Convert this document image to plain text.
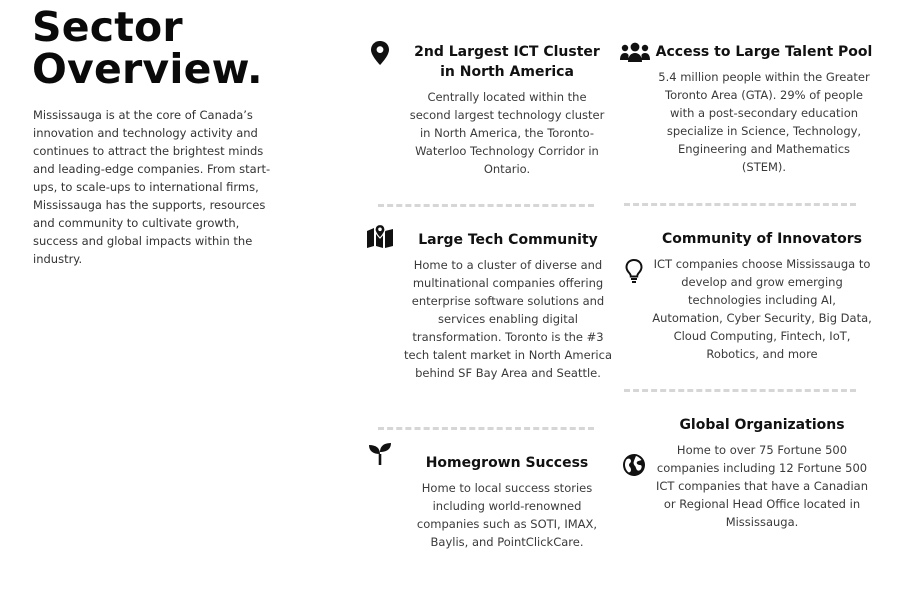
Sector
Overview.

Mississauga is at the core of Canada’s innovation and technology activity and continues to attract the brightest minds and leading-edge companies. From start-ups, to scale-ups to international firms, Mississauga has the supports, resources and community to cultivate growth, success and global impacts within the industry.

2nd Largest ICT Cluster in North America

Centrally located within the second largest technology cluster in North America, the Toronto-Waterloo Technology Corridor in Ontario.

Access to Large Talent Pool

5.4 million people within the Greater Toronto Area (GTA). 29% of people with a post-secondary education specialize in Science, Technology, Engineering and Mathematics (STEM).

Large Tech Community

Home to a cluster of diverse and multinational companies offering enterprise software solutions and services enabling digital transformation. Toronto is the #3 tech talent market in North America behind SF Bay Area and Seattle.

Community of Innovators

ICT companies choose Mississauga to develop and grow emerging technologies including AI, Automation, Cyber Security, Big Data, Cloud Computing, Fintech, IoT, Robotics, and more

Homegrown Success

Home to local success stories including world-renowned companies such as SOTI, IMAX, Baylis, and PointClickCare.

Global Organizations

Home to over 75 Fortune 500 companies including 12 Fortune 500 ICT companies that have a Canadian or Regional Head Office located in Mississauga.
